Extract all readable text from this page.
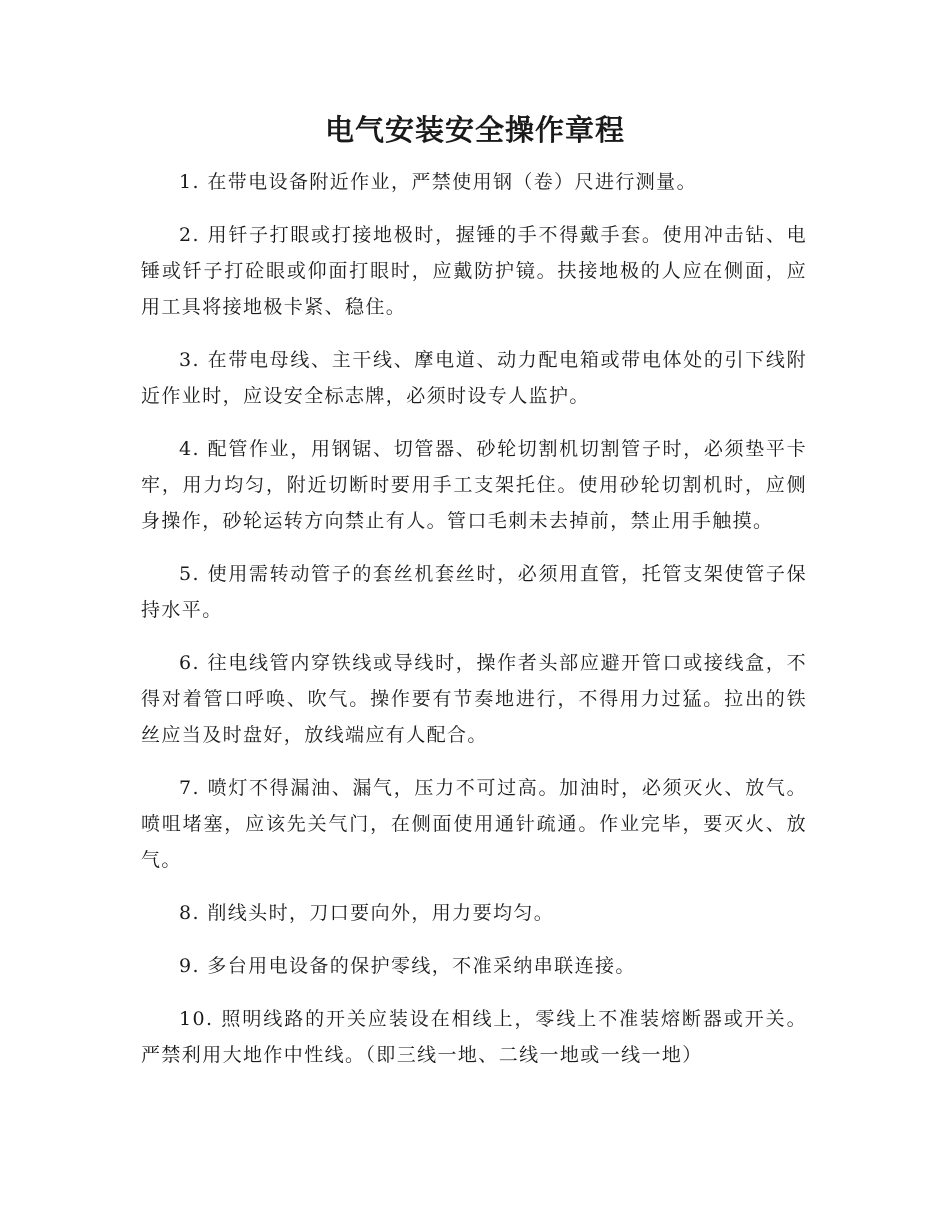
电气安装安全操作章程

1. 在带电设备附近作业，严禁使用钢（卷）尺进行测量。

2. 用钎子打眼或打接地极时，握锤的手不得戴手套。使用冲击钻、电锤或钎子打砼眼或仰面打眼时，应戴防护镜。扶接地极的人应在侧面，应用工具将接地极卡紧、稳住。

3. 在带电母线、主干线、摩电道、动力配电箱或带电体处的引下线附近作业时，应设安全标志牌，必须时设专人监护。

4. 配管作业，用钢锯、切管器、砂轮切割机切割管子时，必须垫平卡牢，用力均匀，附近切断时要用手工支架托住。使用砂轮切割机时，应侧身操作，砂轮运转方向禁止有人。管口毛刺未去掉前，禁止用手触摸。

5. 使用需转动管子的套丝机套丝时，必须用直管，托管支架使管子保持水平。

6. 往电线管内穿铁线或导线时，操作者头部应避开管口或接线盒，不得对着管口呼唤、吹气。操作要有节奏地进行，不得用力过猛。拉出的铁丝应当及时盘好，放线端应有人配合。

7. 喷灯不得漏油、漏气，压力不可过高。加油时，必须灭火、放气。喷咀堵塞，应该先关气门，在侧面使用通针疏通。作业完毕，要灭火、放气。

8. 削线头时，刀口要向外，用力要均匀。

9. 多台用电设备的保护零线，不准采纳串联连接。

10. 照明线路的开关应装设在相线上，零线上不准装熔断器或开关。严禁利用大地作中性线。（即三线一地、二线一地或一线一地）
